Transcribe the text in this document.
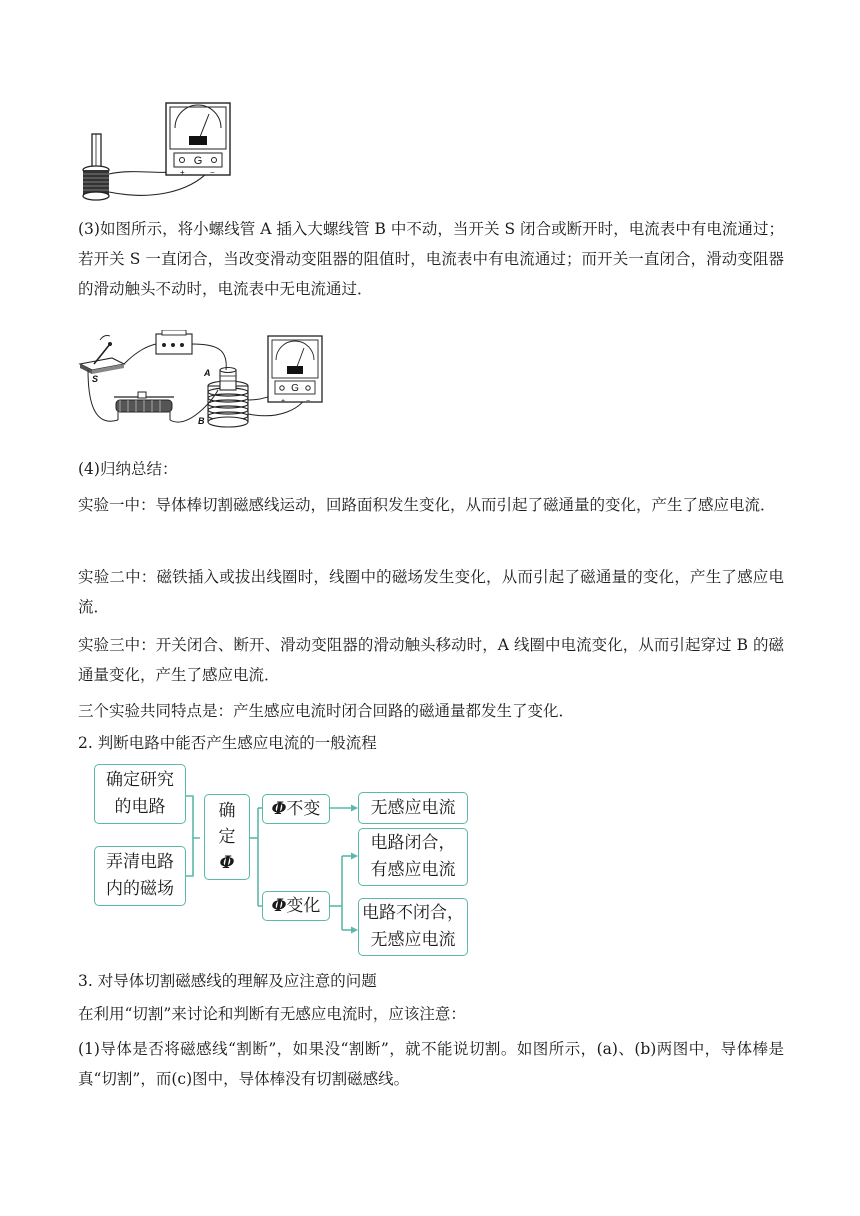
G
+	−

(3)如图所示，将小螺线管 A 插入大螺线管 B 中不动，当开关 S 闭合或断开时，电流表中有电流通过；若开关 S 一直闭合，当改变滑动变阻器的阻值时，电流表中有电流通过；而开关一直闭合，滑动变阻器的滑动触头不动时，电流表中无电流通过．

S
A
B
G
+	−

(4)归纳总结：

实验一中：导体棒切割磁感线运动，回路面积发生变化，从而引起了磁通量的变化，产生了感应电流．

实验二中：磁铁插入或拔出线圈时，线圈中的磁场发生变化，从而引起了磁通量的变化，产生了感应电流．

实验三中：开关闭合、断开、滑动变阻器的滑动触头移动时，A 线圈中电流变化，从而引起穿过 B 的磁通量变化，产生了感应电流．

三个实验共同特点是：产生感应电流时闭合回路的磁通量都发生了变化．

2. 判断电路中能否产生感应电流的一般流程

确定研究
的电路
弄清电路
内的磁场
确
定
Φ
Φ 不变
Φ 变化
无感应电流
电路闭合，
有感应电流
电路不闭合，
无感应电流

3. 对导体切割磁感线的理解及应注意的问题

在利用“切割”来讨论和判断有无感应电流时，应该注意：

(1)导体是否将磁感线“割断”，如果没“割断”，就不能说切割。如图所示，(a)、(b)两图中，导体棒是真“切割”，而(c)图中，导体棒没有切割磁感线。
